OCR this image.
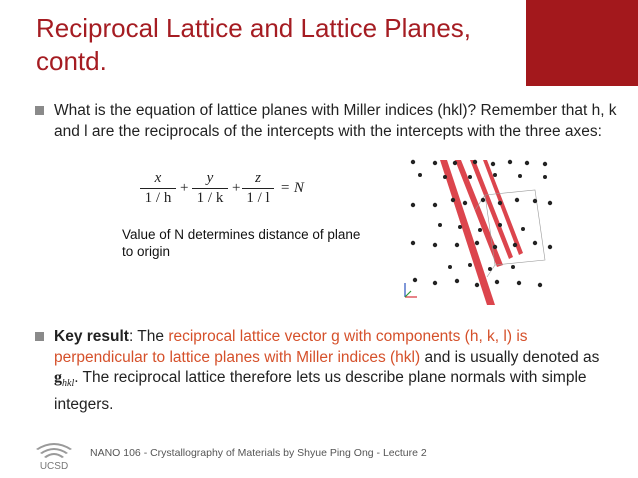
Reciprocal Lattice and Lattice Planes, contd.
What is the equation of lattice planes with Miller indices (hkl)? Remember that h, k and l are the reciprocals of the intercepts with the intercepts with the three axes:
x
1 / h
+
y
1 / k
+
z
1 / l
= N
Value of N determines distance of plane to origin
Key result: The reciprocal lattice vector g with components (h, k, l) is perpendicular to lattice planes with Miller indices (hkl) and is usually denoted as $g_{hkl}$. The reciprocal lattice therefore lets us describe plane normals with simple integers.
UCSD
NANO 106 - Crystallography of Materials by Shyue Ping Ong - Lecture 2
